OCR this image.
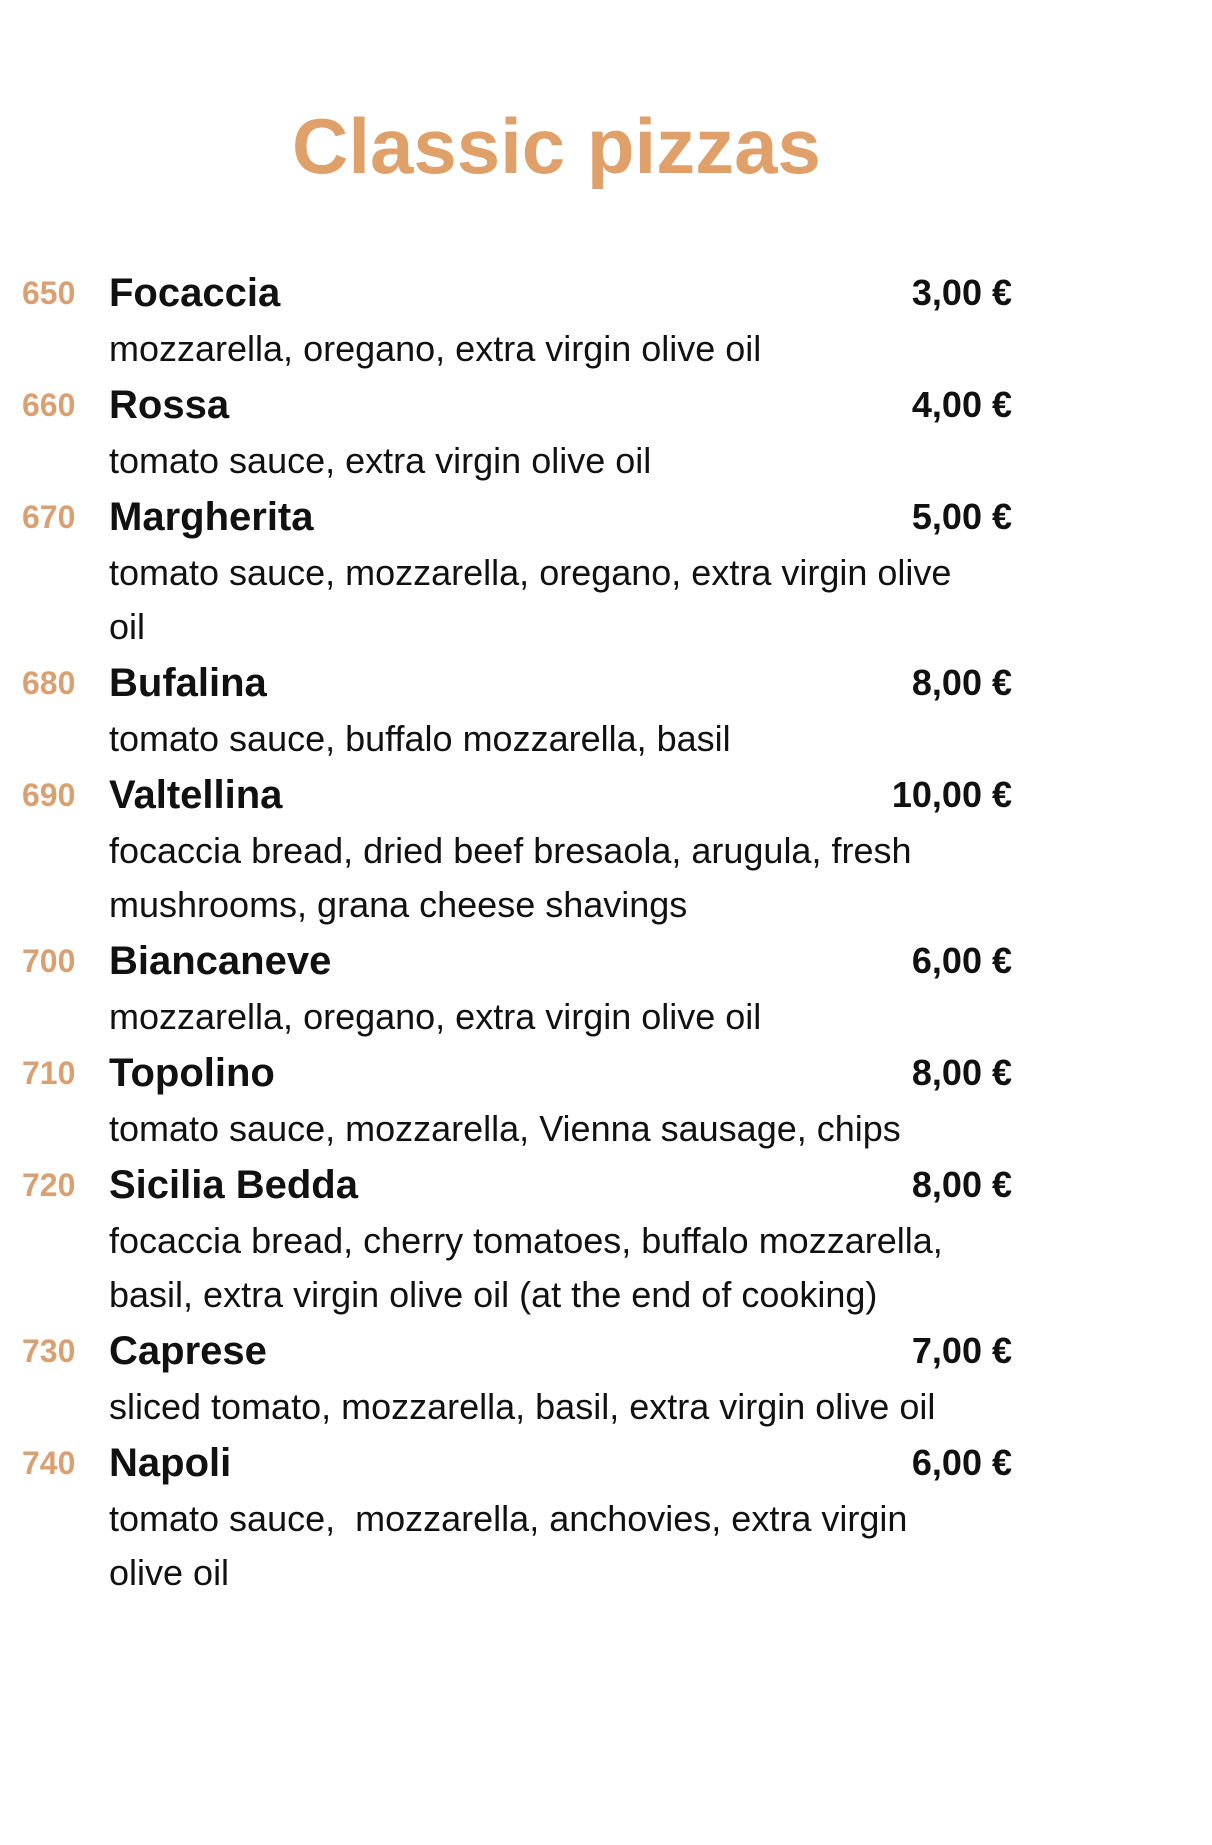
Classic pizzas
650 Focaccia	3,00 €
mozzarella, oregano, extra virgin olive oil
660 Rossa	4,00 €
tomato sauce, extra virgin olive oil
670 Margherita	5,00 €
tomato sauce, mozzarella, oregano, extra virgin olive oil
680 Bufalina	8,00 €
tomato sauce, buffalo mozzarella, basil
690 Valtellina	10,00 €
focaccia bread, dried beef bresaola, arugula, fresh mushrooms, grana cheese shavings
700 Biancaneve	6,00 €
mozzarella, oregano, extra virgin olive oil
710 Topolino	8,00 €
tomato sauce, mozzarella, Vienna sausage, chips
720 Sicilia Bedda	8,00 €
focaccia bread, cherry tomatoes, buffalo mozzarella, basil, extra virgin olive oil (at the end of cooking)
730 Caprese	7,00 €
sliced tomato, mozzarella, basil, extra virgin olive oil
740 Napoli	6,00 €
tomato sauce,  mozzarella, anchovies, extra virgin olive oil
